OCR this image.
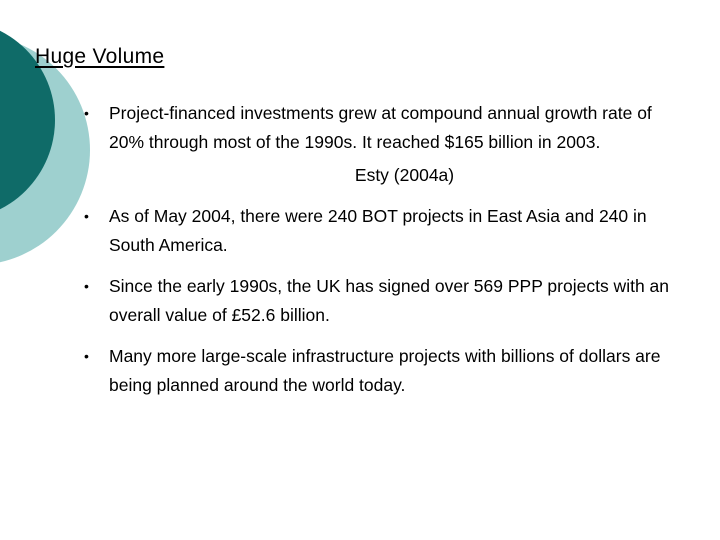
Huge Volume
• Project-financed investments grew at compound annual growth rate of 20% through most of the 1990s. It reached $165 billion in 2003.
Esty (2004a)
• As of May 2004, there were 240 BOT projects in East Asia and 240 in South America.
• Since the early 1990s, the UK has signed over 569 PPP projects with an overall value of £52.6 billion.
• Many more large-scale infrastructure projects with billions of dollars are being planned around the world today.
